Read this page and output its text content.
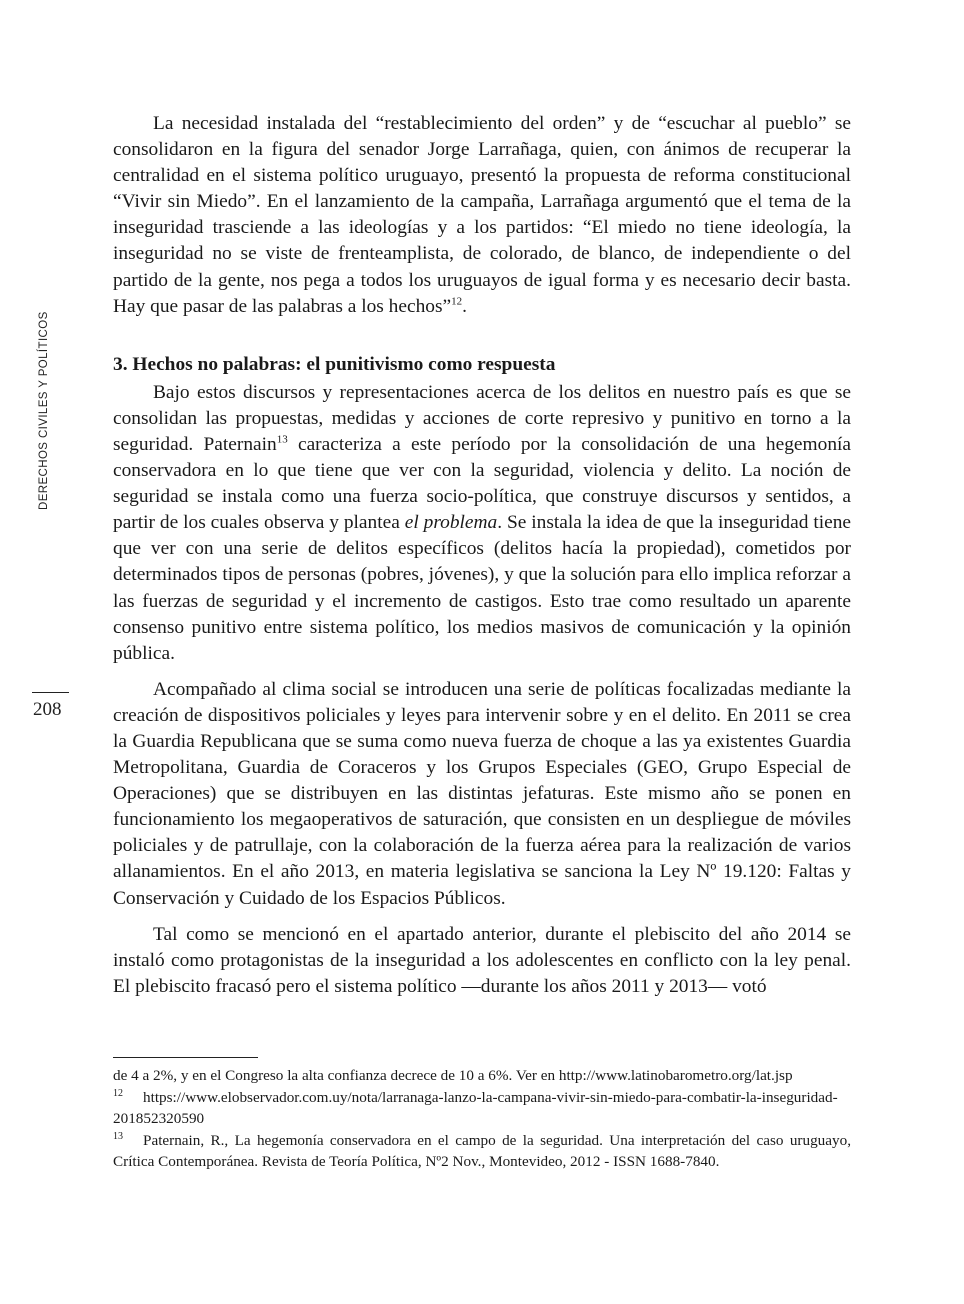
DERECHOS CIVILES Y POLÍTICOS
208

La necesidad instalada del “restablecimiento del orden” y de “escuchar al pueblo” se consolidaron en la figura del senador Jorge Larrañaga, quien, con ánimos de recuperar la centralidad en el sistema político uruguayo, presentó la propuesta de reforma constitucional “Vivir sin Miedo”. En el lanzamiento de la campaña, Larrañaga argumentó que el tema de la inseguridad trasciende a las ideologías y a los partidos: “El miedo no tiene ideología, la inseguridad no se viste de frenteamplista, de colorado, de blanco, de independiente o del partido de la gente, nos pega a todos los uruguayos de igual forma y es necesario decir basta. Hay que pasar de las palabras a los hechos”$^{12}$.

3. Hechos no palabras: el punitivismo como respuesta

Bajo estos discursos y representaciones acerca de los delitos en nuestro país es que se consolidan las propuestas, medidas y acciones de corte represivo y punitivo en torno a la seguridad. Paternain$^{13}$ caracteriza a este período por la consolidación de una hegemonía conservadora en lo que tiene que ver con la seguridad, violencia y delito. La noción de seguridad se instala como una fuerza socio-política, que construye discursos y sentidos, a partir de los cuales observa y plantea el problema. Se instala la idea de que la inseguridad tiene que ver con una serie de delitos específicos (delitos hacía la propiedad), cometidos por determinados tipos de personas (pobres, jóvenes), y que la solución para ello implica reforzar a las fuerzas de seguridad y el incremento de castigos. Esto trae como resultado un aparente consenso punitivo entre sistema político, los medios masivos de comunicación y la opinión pública.

Acompañado al clima social se introducen una serie de políticas focalizadas mediante la creación de dispositivos policiales y leyes para intervenir sobre y en el delito. En 2011 se crea la Guardia Republicana que se suma como nueva fuerza de choque a las ya existentes Guardia Metropolitana, Guardia de Coraceros y los Grupos Especiales (GEO, Grupo Especial de Operaciones) que se distribuyen en las distintas jefaturas. Este mismo año se ponen en funcionamiento los megaoperativos de saturación, que consisten en un despliegue de móviles policiales y de patrullaje, con la colaboración de la fuerza aérea para la realización de varios allanamientos. En el año 2013, en materia legislativa se sanciona la Ley Nº 19.120: Faltas y Conservación y Cuidado de los Espacios Públicos.

Tal como se mencionó en el apartado anterior, durante el plebiscito del año 2014 se instaló como protagonistas de la inseguridad a los adolescentes en conflicto con la ley penal. El plebiscito fracasó pero el sistema político —durante los años 2011 y 2013— votó

de 4 a 2%, y en el Congreso la alta confianza decrece de 10 a 6%. Ver en http://www.latinobarometro.org/lat.jsp

12 https://www.elobservador.com.uy/nota/larranaga-lanzo-la-campana-vivir-sin-miedo-para-combatir-la-inseguridad-201852320590

13 Paternain, R., La hegemonía conservadora en el campo de la seguridad. Una interpretación del caso uruguayo, Crítica Contemporánea. Revista de Teoría Política, Nº2 Nov., Montevideo, 2012 - ISSN 1688-7840.
